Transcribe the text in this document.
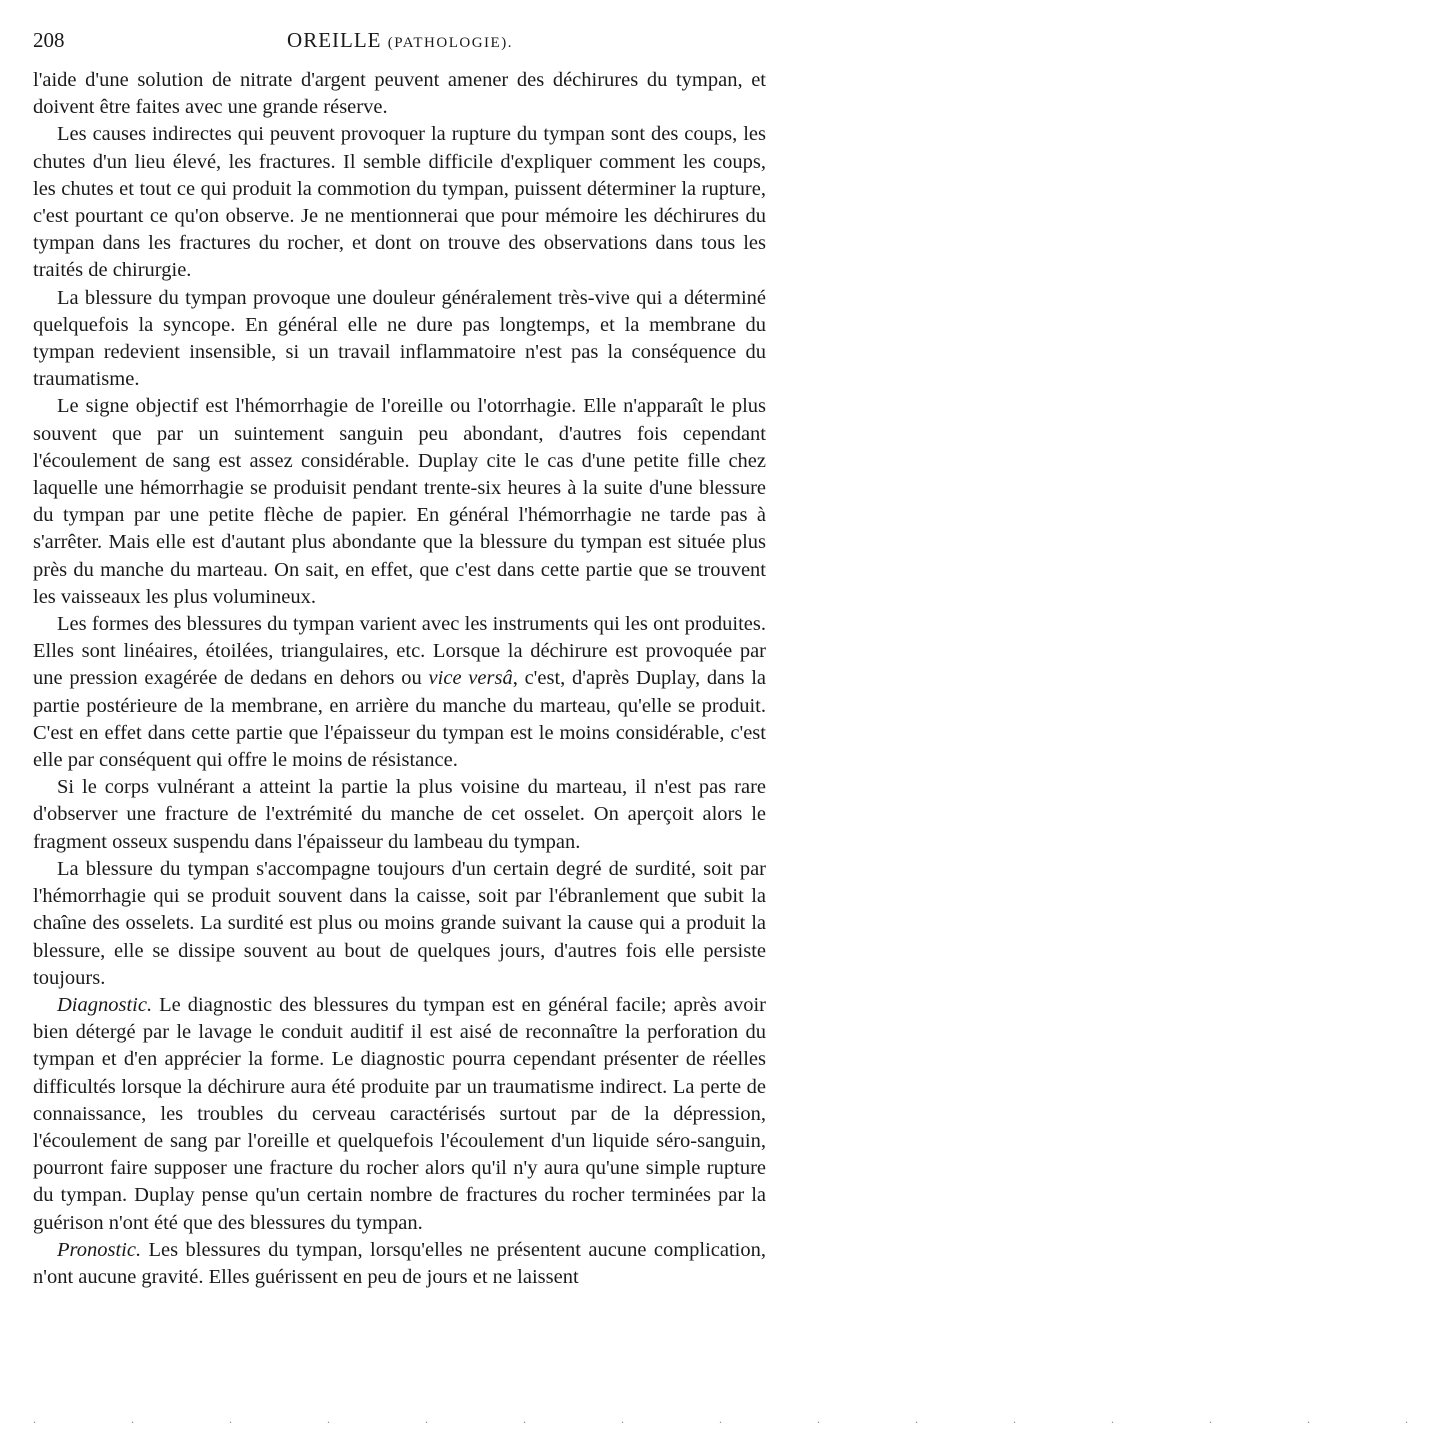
208	OREILLE (PATHOLOGIE).

l'aide d'une solution de nitrate d'argent peuvent amener des déchirures du tympan, et doivent être faites avec une grande réserve.

Les causes indirectes qui peuvent provoquer la rupture du tympan sont des coups, les chutes d'un lieu élevé, les fractures. Il semble difficile d'expliquer comment les coups, les chutes et tout ce qui produit la commotion du tympan, puissent déterminer la rupture, c'est pourtant ce qu'on observe. Je ne mentionnerai que pour mémoire les déchirures du tympan dans les fractures du rocher, et dont on trouve des observations dans tous les traités de chirurgie.

La blessure du tympan provoque une douleur généralement très-vive qui a déterminé quelquefois la syncope. En général elle ne dure pas longtemps, et la membrane du tympan redevient insensible, si un travail inflammatoire n'est pas la conséquence du traumatisme.

Le signe objectif est l'hémorrhagie de l'oreille ou l'otorrhagie. Elle n'apparaît le plus souvent que par un suintement sanguin peu abondant, d'autres fois cependant l'écoulement de sang est assez considérable. Duplay cite le cas d'une petite fille chez laquelle une hémorrhagie se produisit pendant trente-six heures à la suite d'une blessure du tympan par une petite flèche de papier. En général l'hémorrhagie ne tarde pas à s'arrêter. Mais elle est d'autant plus abondante que la blessure du tympan est située plus près du manche du marteau. On sait, en effet, que c'est dans cette partie que se trouvent les vaisseaux les plus volumineux.

Les formes des blessures du tympan varient avec les instruments qui les ont produites. Elles sont linéaires, étoilées, triangulaires, etc. Lorsque la déchirure est provoquée par une pression exagérée de dedans en dehors ou vice versâ, c'est, d'après Duplay, dans la partie postérieure de la membrane, en arrière du manche du marteau, qu'elle se produit. C'est en effet dans cette partie que l'épaisseur du tympan est le moins considérable, c'est elle par conséquent qui offre le moins de résistance.

Si le corps vulnérant a atteint la partie la plus voisine du marteau, il n'est pas rare d'observer une fracture de l'extrémité du manche de cet osselet. On aperçoit alors le fragment osseux suspendu dans l'épaisseur du lambeau du tympan.

La blessure du tympan s'accompagne toujours d'un certain degré de surdité, soit par l'hémorrhagie qui se produit souvent dans la caisse, soit par l'ébranlement que subit la chaîne des osselets. La surdité est plus ou moins grande suivant la cause qui a produit la blessure, elle se dissipe souvent au bout de quelques jours, d'autres fois elle persiste toujours.

Diagnostic. Le diagnostic des blessures du tympan est en général facile; après avoir bien détergé par le lavage le conduit auditif il est aisé de reconnaître la perforation du tympan et d'en apprécier la forme. Le diagnostic pourra cependant présenter de réelles difficultés lorsque la déchirure aura été produite par un traumatisme indirect. La perte de connaissance, les troubles du cerveau caractérisés surtout par de la dépression, l'écoulement de sang par l'oreille et quelquefois l'écoulement d'un liquide séro-sanguin, pourront faire supposer une fracture du rocher alors qu'il n'y aura qu'une simple rupture du tympan. Duplay pense qu'un certain nombre de fractures du rocher terminées par la guérison n'ont été que des blessures du tympan.

Pronostic. Les blessures du tympan, lorsqu'elles ne présentent aucune complication, n'ont aucune gravité. Elles guérissent en peu de jours et ne laissent

. . . . . . . . . . . . . . .
